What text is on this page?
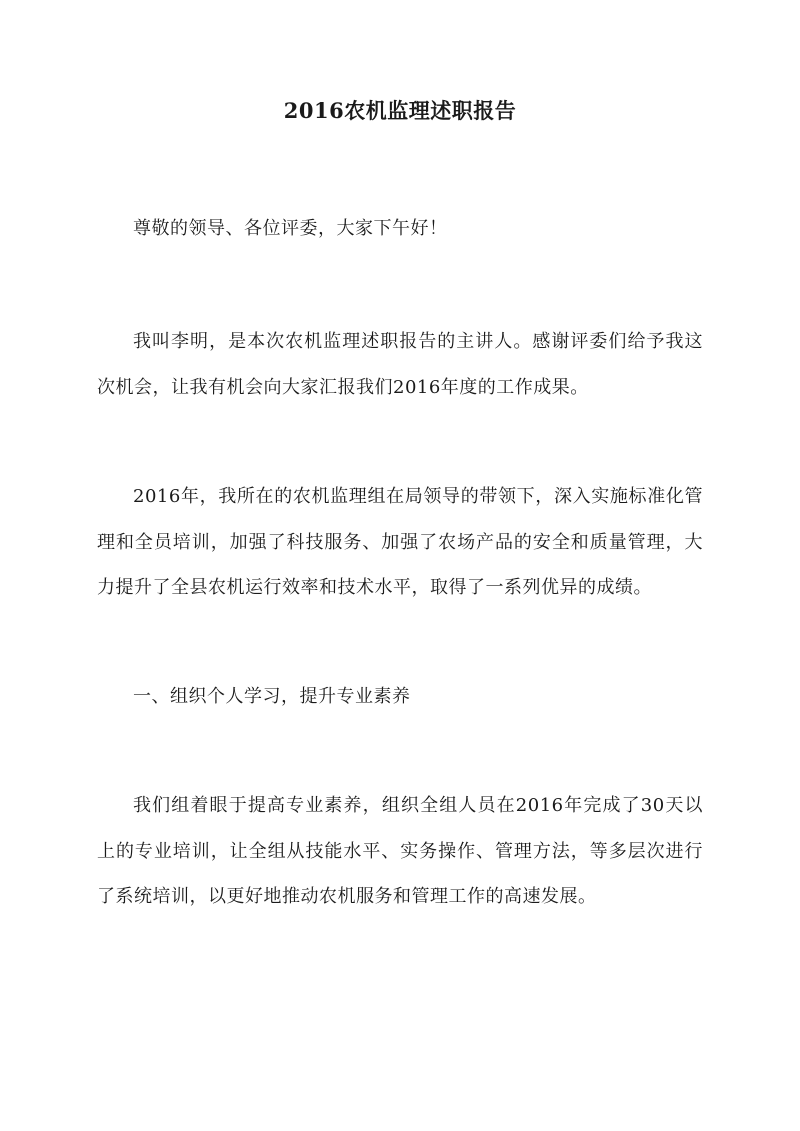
2016农机监理述职报告

尊敬的领导、各位评委，大家下午好！

我叫李明，是本次农机监理述职报告的主讲人。感谢评委们给予我这次机会，让我有机会向大家汇报我们2016年度的工作成果。

2016年，我所在的农机监理组在局领导的带领下，深入实施标准化管理和全员培训，加强了科技服务、加强了农场产品的安全和质量管理，大力提升了全县农机运行效率和技术水平，取得了一系列优异的成绩。

一、组织个人学习，提升专业素养

我们组着眼于提高专业素养，组织全组人员在2016年完成了30天以上的专业培训，让全组从技能水平、实务操作、管理方法，等多层次进行了系统培训，以更好地推动农机服务和管理工作的高速发展。
